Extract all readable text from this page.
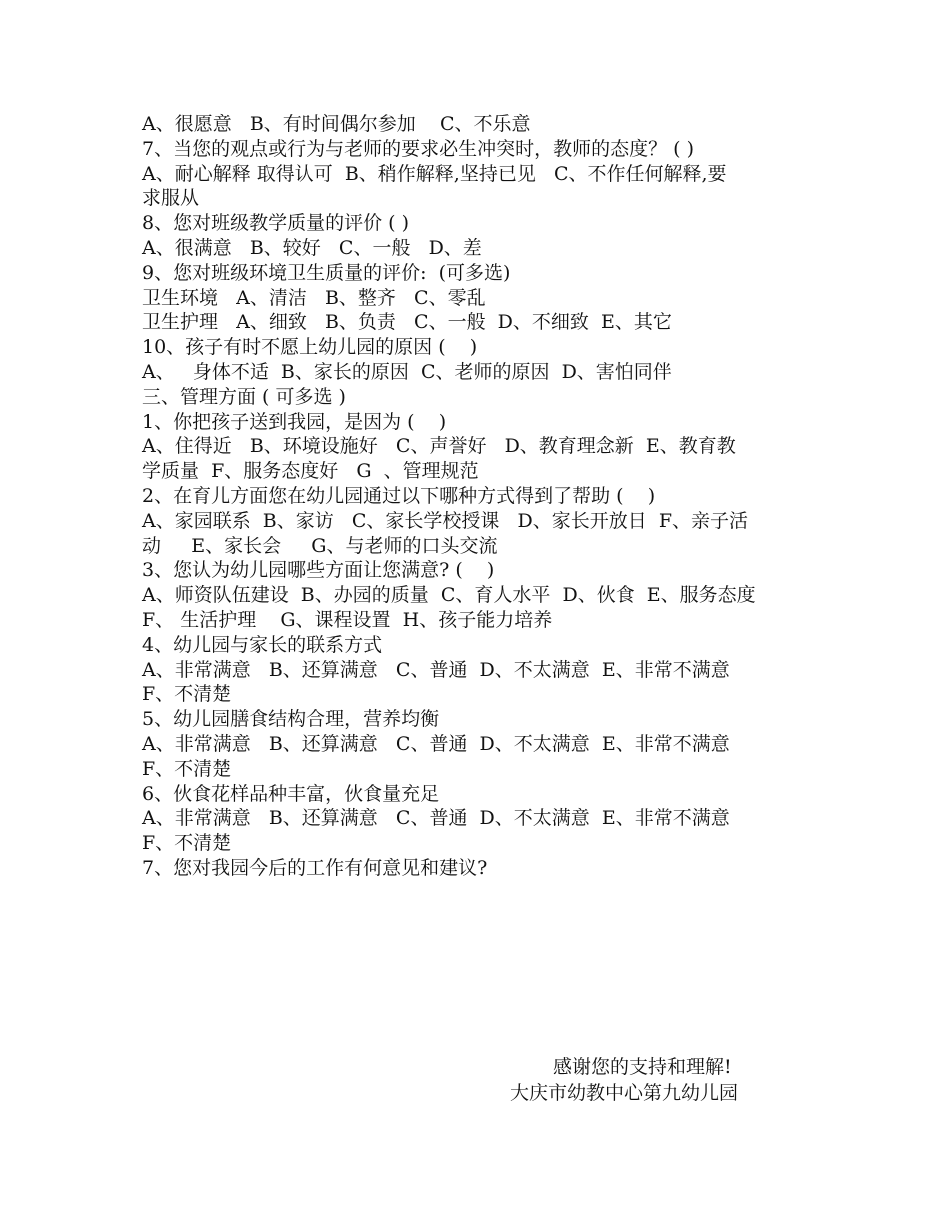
A、很愿意   B、有时间偶尔参加    C、不乐意
7、当您的观点或行为与老师的要求必生冲突时，教师的态度？ ( )
A、耐心解释 取得认可  B、稍作解释,坚持已见   C、不作任何解释,要
求服从
8、您对班级教学质量的评价 ( )
A、很满意   B、较好   C、一般   D、差
9、您对班级环境卫生质量的评价:  (可多选)
卫生环境   A、清洁   B、整齐   C、零乱
卫生护理   A、细致   B、负责   C、一般  D、不细致  E、其它
10、孩子有时不愿上幼儿园的原因 (    )
A、   身体不适  B、家长的原因  C、老师的原因  D、害怕同伴
三、管理方面 ( 可多选 )
1、你把孩子送到我园，是因为 (    )
A、住得近   B、环境设施好   C、声誉好   D、教育理念新  E、教育教
学质量  F、服务态度好   G  、管理规范
2、在育儿方面您在幼儿园通过以下哪种方式得到了帮助 (    )
A、家园联系  B、家访   C、家长学校授课   D、家长开放日  F、亲子活
动     E、家长会     G、与老师的口头交流
3、您认为幼儿园哪些方面让您满意? (    )
A、师资队伍建设  B、办园的质量  C、育人水平  D、伙食  E、服务态度
F、 生活护理    G、课程设置  H、孩子能力培养
4、幼儿园与家长的联系方式
A、非常满意   B、还算满意   C、普通  D、不太满意  E、非常不满意
F、不清楚
5、幼儿园膳食结构合理，营养均衡
A、非常满意   B、还算满意   C、普通  D、不太满意  E、非常不满意
F、不清楚
6、伙食花样品种丰富，伙食量充足
A、非常满意   B、还算满意   C、普通  D、不太满意  E、非常不满意
F、不清楚
7、您对我园今后的工作有何意见和建议?
感谢您的支持和理解!
大庆市幼教中心第九幼儿园
